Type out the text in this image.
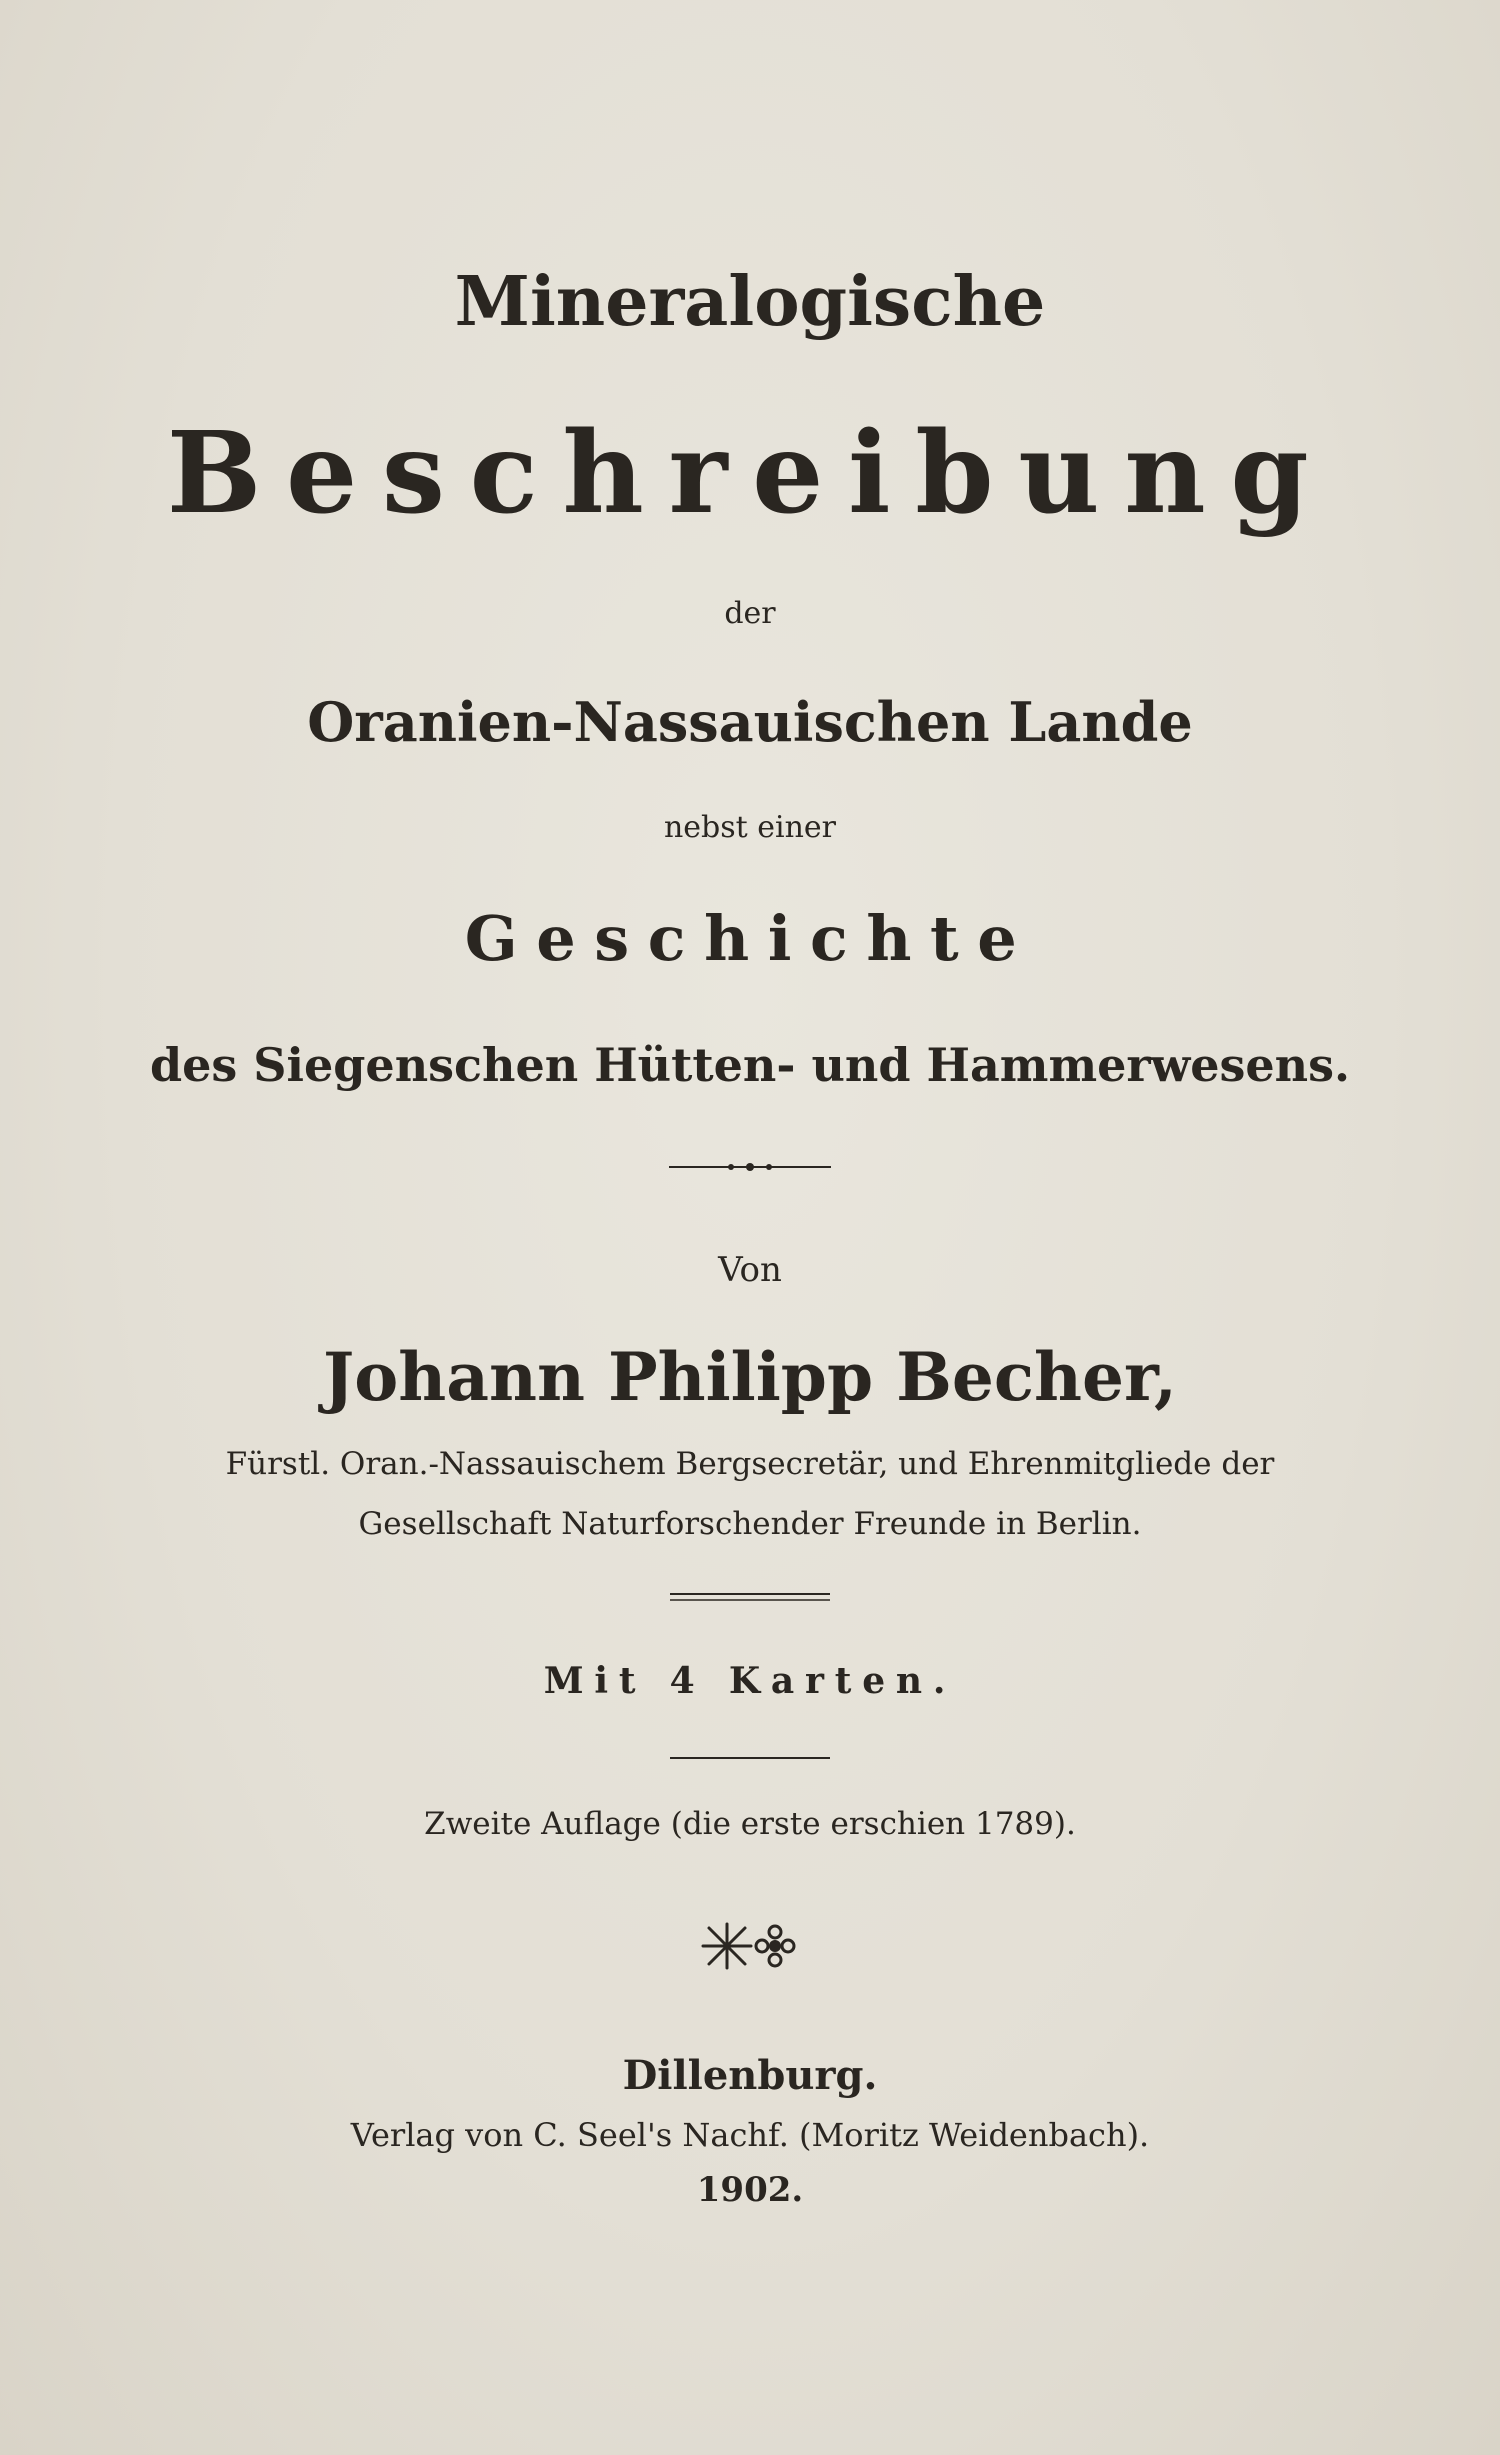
Mineralogische
Beschreibung
der
Oranien-Nassauischen Lande
nebst einer
Geschichte
des Siegenschen Hütten- und Hammerwesens.
Von
Johann Philipp Becher,
Fürstl. Oran.-Nassauischem Bergsecretär, und Ehrenmitgliede der
Gesellschaft Naturforschender Freunde in Berlin.
Mit 4 Karten.
Zweite Auflage (die erste erschien 1789).
Dillenburg.
Verlag von C. Seel's Nachf. (Moritz Weidenbach).
1902.
